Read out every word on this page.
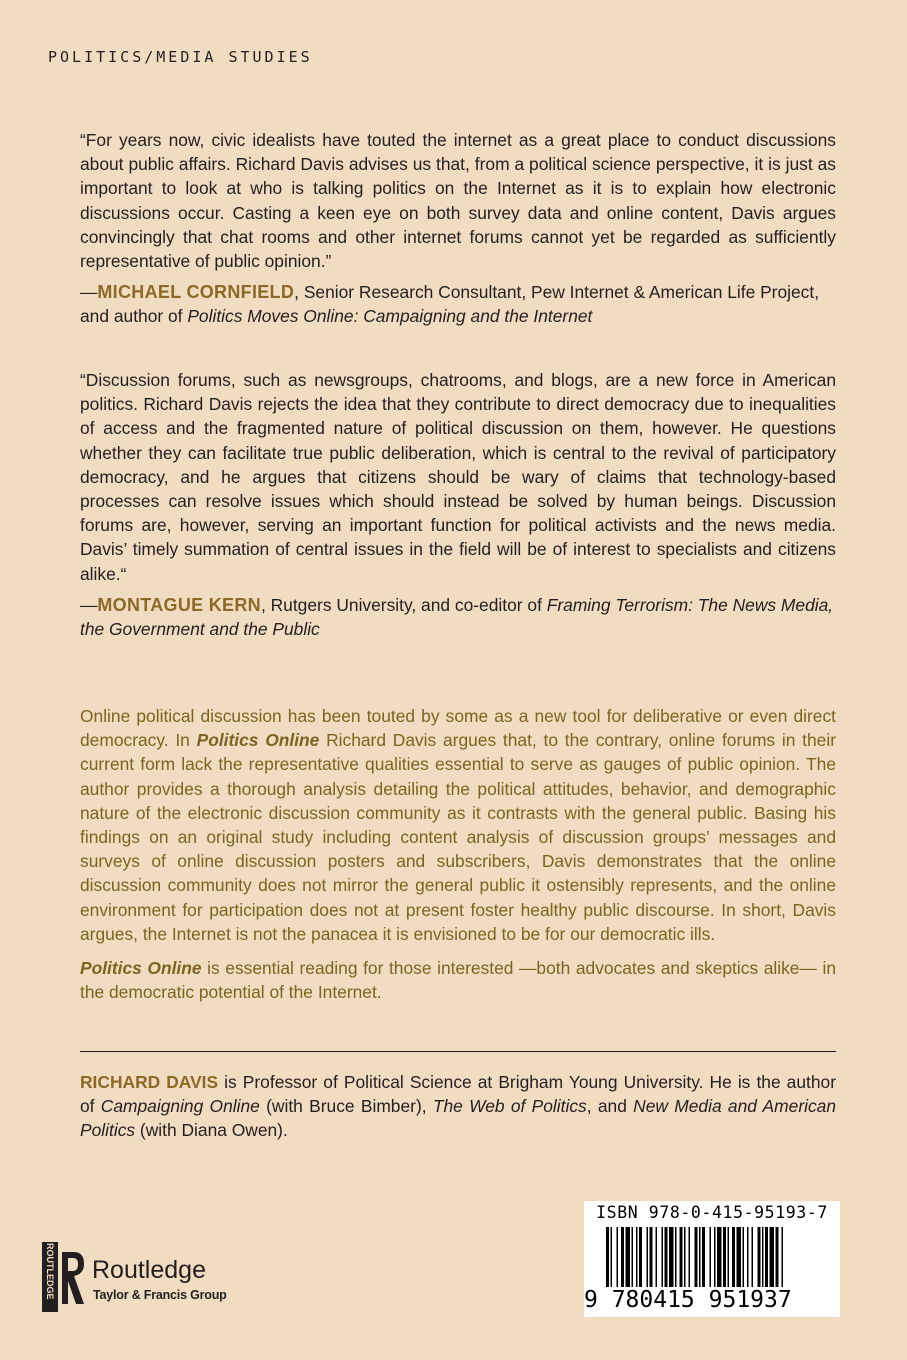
POLITICS/MEDIA STUDIES

“For years now, civic idealists have touted the internet as a great place to conduct discussions about public affairs. Richard Davis advises us that, from a political science perspective, it is just as important to look at who is talking politics on the Internet as it is to explain how electronic discussions occur. Casting a keen eye on both survey data and online content, Davis argues convincingly that chat rooms and other internet forums cannot yet be regarded as sufficiently representative of public opinion.”

—MICHAEL CORNFIELD, Senior Research Consultant, Pew Internet & American Life Project, and author of Politics Moves Online: Campaigning and the Internet

“Discussion forums, such as newsgroups, chatrooms, and blogs, are a new force in American politics. Richard Davis rejects the idea that they contribute to direct democracy due to inequalities of access and the fragmented nature of political discussion on them, however. He questions whether they can facilitate true public deliberation, which is central to the revival of participatory democracy, and he argues that citizens should be wary of claims that technology-based processes can resolve issues which should instead be solved by human beings. Discussion forums are, however, serving an important function for political activists and the news media. Davis’ timely summation of central issues in the field will be of interest to specialists and citizens alike.“

—MONTAGUE KERN, Rutgers University, and co-editor of Framing Terrorism: The News Media, the Government and the Public

Online political discussion has been touted by some as a new tool for deliberative or even direct democracy. In Politics Online Richard Davis argues that, to the contrary, online forums in their current form lack the representative qualities essential to serve as gauges of public opinion. The author provides a thorough analysis detailing the political attitudes, behavior, and demographic nature of the electronic discussion community as it contrasts with the general public. Basing his findings on an original study including content analysis of discussion groups’ messages and surveys of online discussion posters and subscribers, Davis demonstrates that the online discussion community does not mirror the general public it ostensibly represents, and the online environment for participation does not at present foster healthy public discourse. In short, Davis argues, the Internet is not the panacea it is envisioned to be for our democratic ills.

Politics Online is essential reading for those interested —both advocates and skeptics alike— in the democratic potential of the Internet.

RICHARD DAVIS is Professor of Political Science at Brigham Young University. He is the author of Campaigning Online (with Bruce Bimber), The Web of Politics, and New Media and American Politics (with Diana Owen).

ROUTLEDGE Routledge
Taylor & Francis Group
ISBN 978-0-415-95193-7
9 780415 951937
